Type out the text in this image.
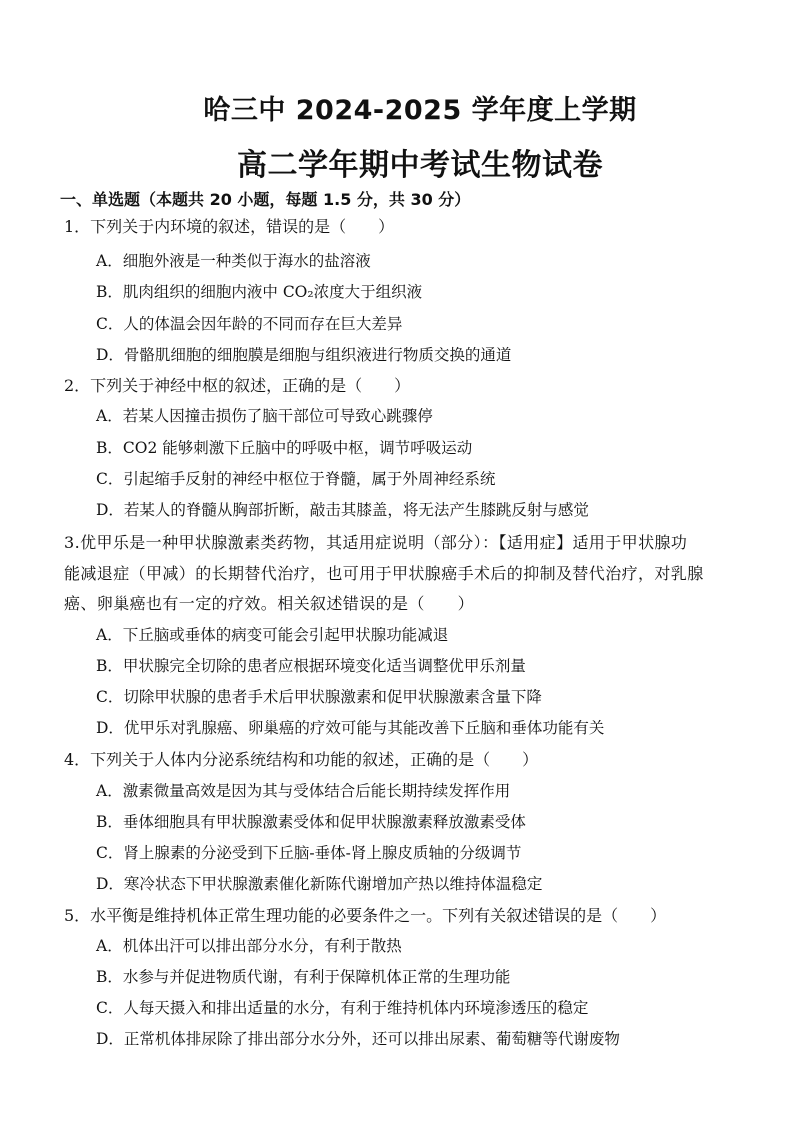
哈三中 2024-2025 学年度上学期
高二学年期中考试生物试卷
一、单选题（本题共 20 小题，每题 1.5 分，共 30 分）
1．下列关于内环境的叙述，错误的是（　　）
A．细胞外液是一种类似于海水的盐溶液
B．肌肉组织的细胞内液中 CO₂浓度大于组织液
C．人的体温会因年龄的不同而存在巨大差异
D．骨骼肌细胞的细胞膜是细胞与组织液进行物质交换的通道
2．下列关于神经中枢的叙述，正确的是（　　）
A．若某人因撞击损伤了脑干部位可导致心跳骤停
B．CO2 能够刺激下丘脑中的呼吸中枢，调节呼吸运动
C．引起缩手反射的神经中枢位于脊髓，属于外周神经系统
D．若某人的脊髓从胸部折断，敲击其膝盖，将无法产生膝跳反射与感觉
3.优甲乐是一种甲状腺激素类药物，其适用症说明（部分）：【适用症】适用于甲状腺功
能减退症（甲减）的长期替代治疗，也可用于甲状腺癌手术后的抑制及替代治疗，对乳腺
癌、卵巢癌也有一定的疗效。相关叙述错误的是（　　）
A．下丘脑或垂体的病变可能会引起甲状腺功能减退
B．甲状腺完全切除的患者应根据环境变化适当调整优甲乐剂量
C．切除甲状腺的患者手术后甲状腺激素和促甲状腺激素含量下降
D．优甲乐对乳腺癌、卵巢癌的疗效可能与其能改善下丘脑和垂体功能有关
4．下列关于人体内分泌系统结构和功能的叙述，正确的是（　　）
A．激素微量高效是因为其与受体结合后能长期持续发挥作用
B．垂体细胞具有甲状腺激素受体和促甲状腺激素释放激素受体
C．肾上腺素的分泌受到下丘脑-垂体-肾上腺皮质轴的分级调节
D．寒冷状态下甲状腺激素催化新陈代谢增加产热以维持体温稳定
5．水平衡是维持机体正常生理功能的必要条件之一。下列有关叙述错误的是（　　）
A．机体出汗可以排出部分水分，有利于散热
B．水参与并促进物质代谢，有利于保障机体正常的生理功能
C．人每天摄入和排出适量的水分，有利于维持机体内环境渗透压的稳定
D．正常机体排尿除了排出部分水分外，还可以排出尿素、葡萄糖等代谢废物
